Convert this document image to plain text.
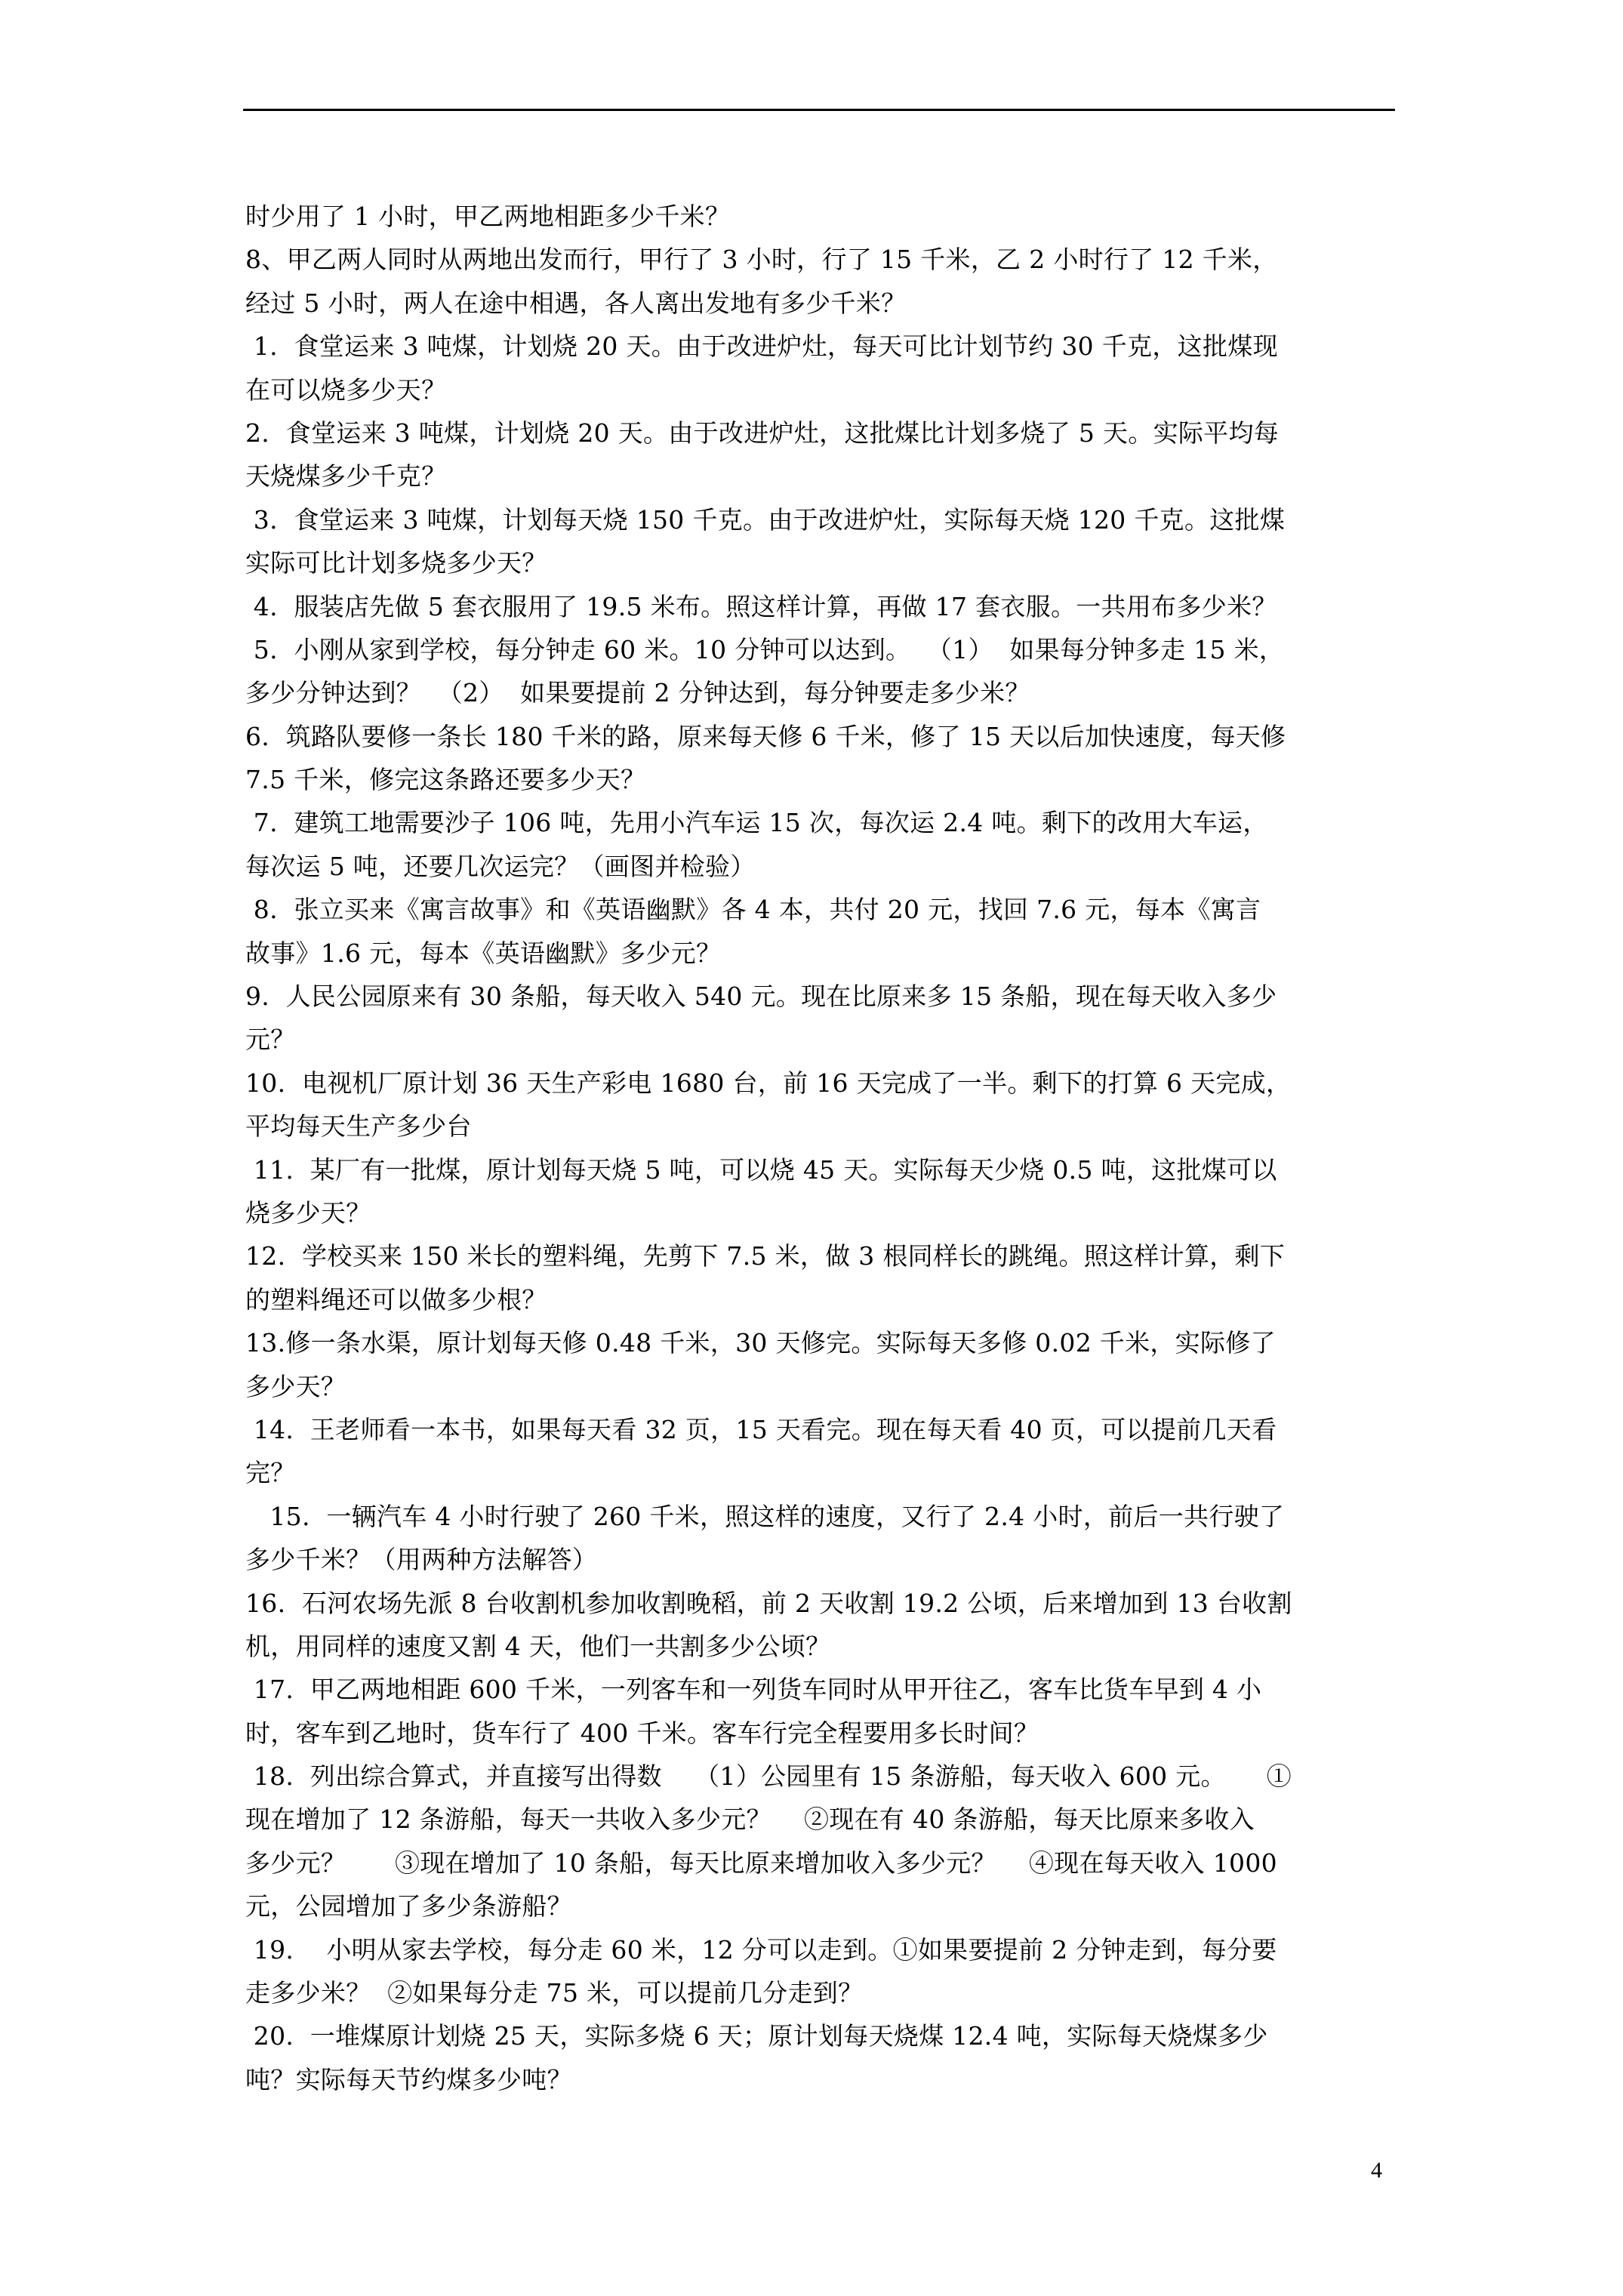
时少用了 1 小时，甲乙两地相距多少千米？
8、甲乙两人同时从两地出发而行，甲行了 3 小时，行了 15 千米，乙 2 小时行了 12 千米，
经过 5 小时，两人在途中相遇，各人离出发地有多少千米？
1.  食堂运来 3 吨煤，计划烧 20 天。由于改进炉灶，每天可比计划节约 30 千克，这批煤现
在可以烧多少天？
2.  食堂运来 3 吨煤，计划烧 20 天。由于改进炉灶，这批煤比计划多烧了 5 天。实际平均每
天烧煤多少千克？
3.  食堂运来 3 吨煤，计划每天烧 150 千克。由于改进炉灶，实际每天烧 120 千克。这批煤
实际可比计划多烧多少天？
4.  服装店先做 5 套衣服用了 19.5 米布。照这样计算，再做 17 套衣服。一共用布多少米？
5.  小刚从家到学校，每分钟走 60 米。10 分钟可以达到。  （1）  如果每分钟多走 15 米，
多少分钟达到？  （2）  如果要提前 2 分钟达到，每分钟要走多少米？
6.  筑路队要修一条长 180 千米的路，原来每天修 6 千米，修了 15 天以后加快速度，每天修
7.5 千米，修完这条路还要多少天？
7.  建筑工地需要沙子 106 吨，先用小汽车运 15 次，每次运 2.4 吨。剩下的改用大车运，
每次运 5 吨，还要几次运完？（画图并检验）
8.  张立买来《寓言故事》和《英语幽默》各 4 本，共付 20 元，找回 7.6 元，每本《寓言
故事》1.6 元，每本《英语幽默》多少元？
9.  人民公园原来有 30 条船，每天收入 540 元。现在比原来多 15 条船，现在每天收入多少
元？
10.  电视机厂原计划 36 天生产彩电 1680 台，前 16 天完成了一半。剩下的打算 6 天完成，
平均每天生产多少台
11.  某厂有一批煤，原计划每天烧 5 吨，可以烧 45 天。实际每天少烧 0.5 吨，这批煤可以
烧多少天？
12.  学校买来 150 米长的塑料绳，先剪下 7.5 米，做 3 根同样长的跳绳。照这样计算，剩下
的塑料绳还可以做多少根？
13.修一条水渠，原计划每天修 0.48 千米，30 天修完。实际每天多修 0.02 千米，实际修了
多少天？
14.  王老师看一本书，如果每天看 32 页，15 天看完。现在每天看 40 页，可以提前几天看
完？
15.  一辆汽车 4 小时行驶了 260 千米，照这样的速度，又行了 2.4 小时，前后一共行驶了
多少千米？（用两种方法解答）
16.  石河农场先派 8 台收割机参加收割晚稻，前 2 天收割 19.2 公顷，后来增加到 13 台收割
机，用同样的速度又割 4 天，他们一共割多少公顷？
17.  甲乙两地相距 600 千米，一列客车和一列货车同时从甲开往乙，客车比货车早到 4 小
时，客车到乙地时，货车行了 400 千米。客车行完全程要用多长时间？
18.  列出综合算式，并直接写出得数    （1）公园里有 15 条游船，每天收入 600 元。     ①
现在增加了 12 条游船，每天一共收入多少元？    ②现在有 40 条游船，每天比原来多收入
多少元？      ③现在增加了 10 条船，每天比原来增加收入多少元？    ④现在每天收入 1000
元，公园增加了多少条游船？
19.    小明从家去学校，每分走 60 米，12 分可以走到。①如果要提前 2 分钟走到，每分要
走多少米？  ②如果每分走 75 米，可以提前几分走到？
20.  一堆煤原计划烧 25 天，实际多烧 6 天；原计划每天烧煤 12.4 吨，实际每天烧煤多少
吨？实际每天节约煤多少吨？
4
